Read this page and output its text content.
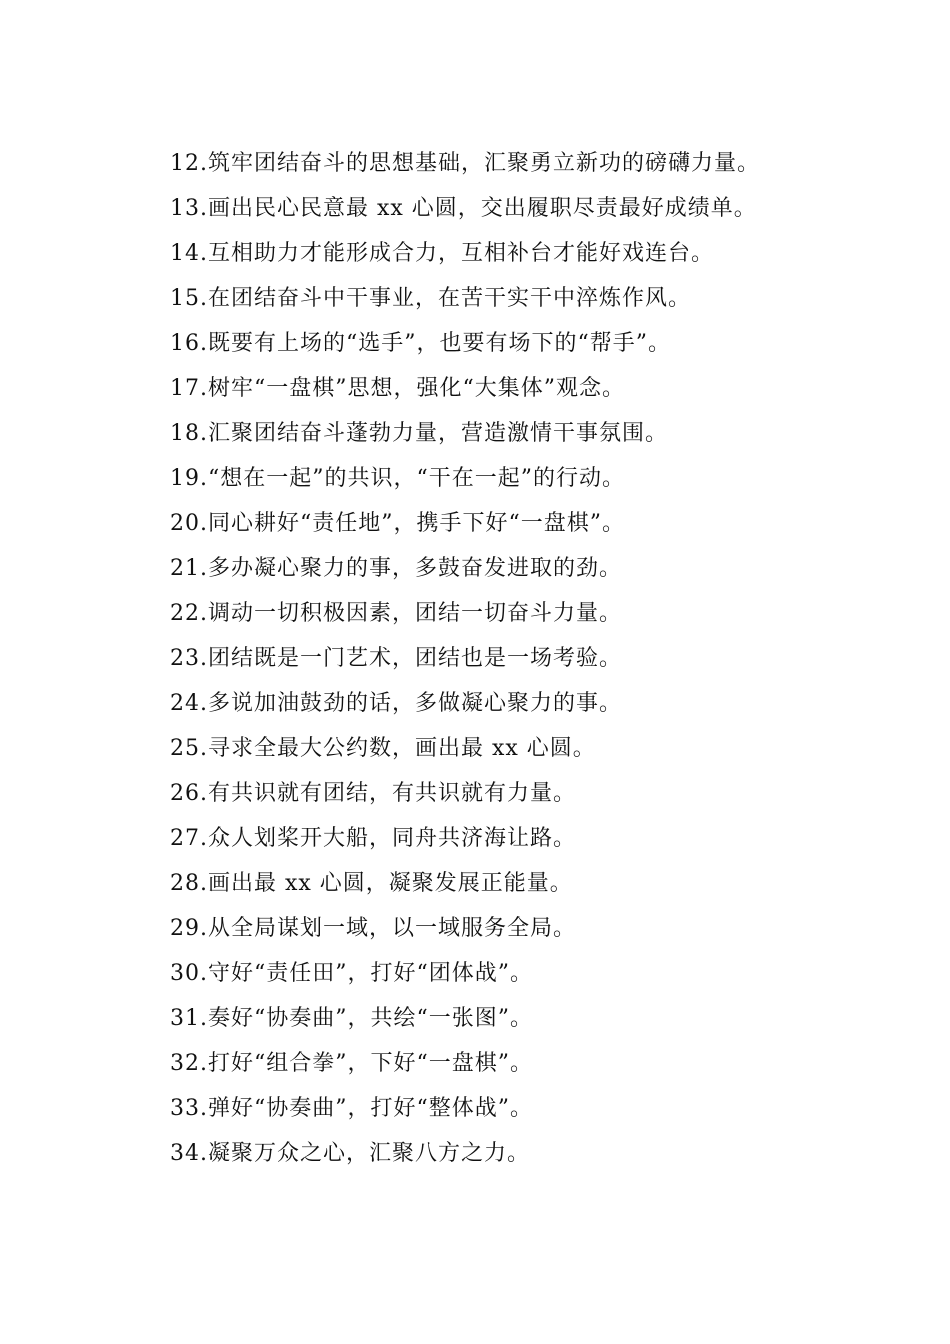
12.筑牢团结奋斗的思想基础，汇聚勇立新功的磅礴力量。
13.画出民心民意最 xx 心圆，交出履职尽责最好成绩单。
14.互相助力才能形成合力，互相补台才能好戏连台。
15.在团结奋斗中干事业，在苦干实干中淬炼作风。
16.既要有上场的“选手”，也要有场下的“帮手”。
17.树牢“一盘棋”思想，强化“大集体”观念。
18.汇聚团结奋斗蓬勃力量，营造激情干事氛围。
19.“想在一起”的共识，“干在一起”的行动。
20.同心耕好“责任地”，携手下好“一盘棋”。
21.多办凝心聚力的事，多鼓奋发进取的劲。
22.调动一切积极因素，团结一切奋斗力量。
23.团结既是一门艺术，团结也是一场考验。
24.多说加油鼓劲的话，多做凝心聚力的事。
25.寻求全最大公约数，画出最 xx 心圆。
26.有共识就有团结，有共识就有力量。
27.众人划桨开大船，同舟共济海让路。
28.画出最 xx 心圆，凝聚发展正能量。
29.从全局谋划一域，以一域服务全局。
30.守好“责任田”，打好“团体战”。
31.奏好“协奏曲”，共绘“一张图”。
32.打好“组合拳”，下好“一盘棋”。
33.弹好“协奏曲”，打好“整体战”。
34.凝聚万众之心，汇聚八方之力。
